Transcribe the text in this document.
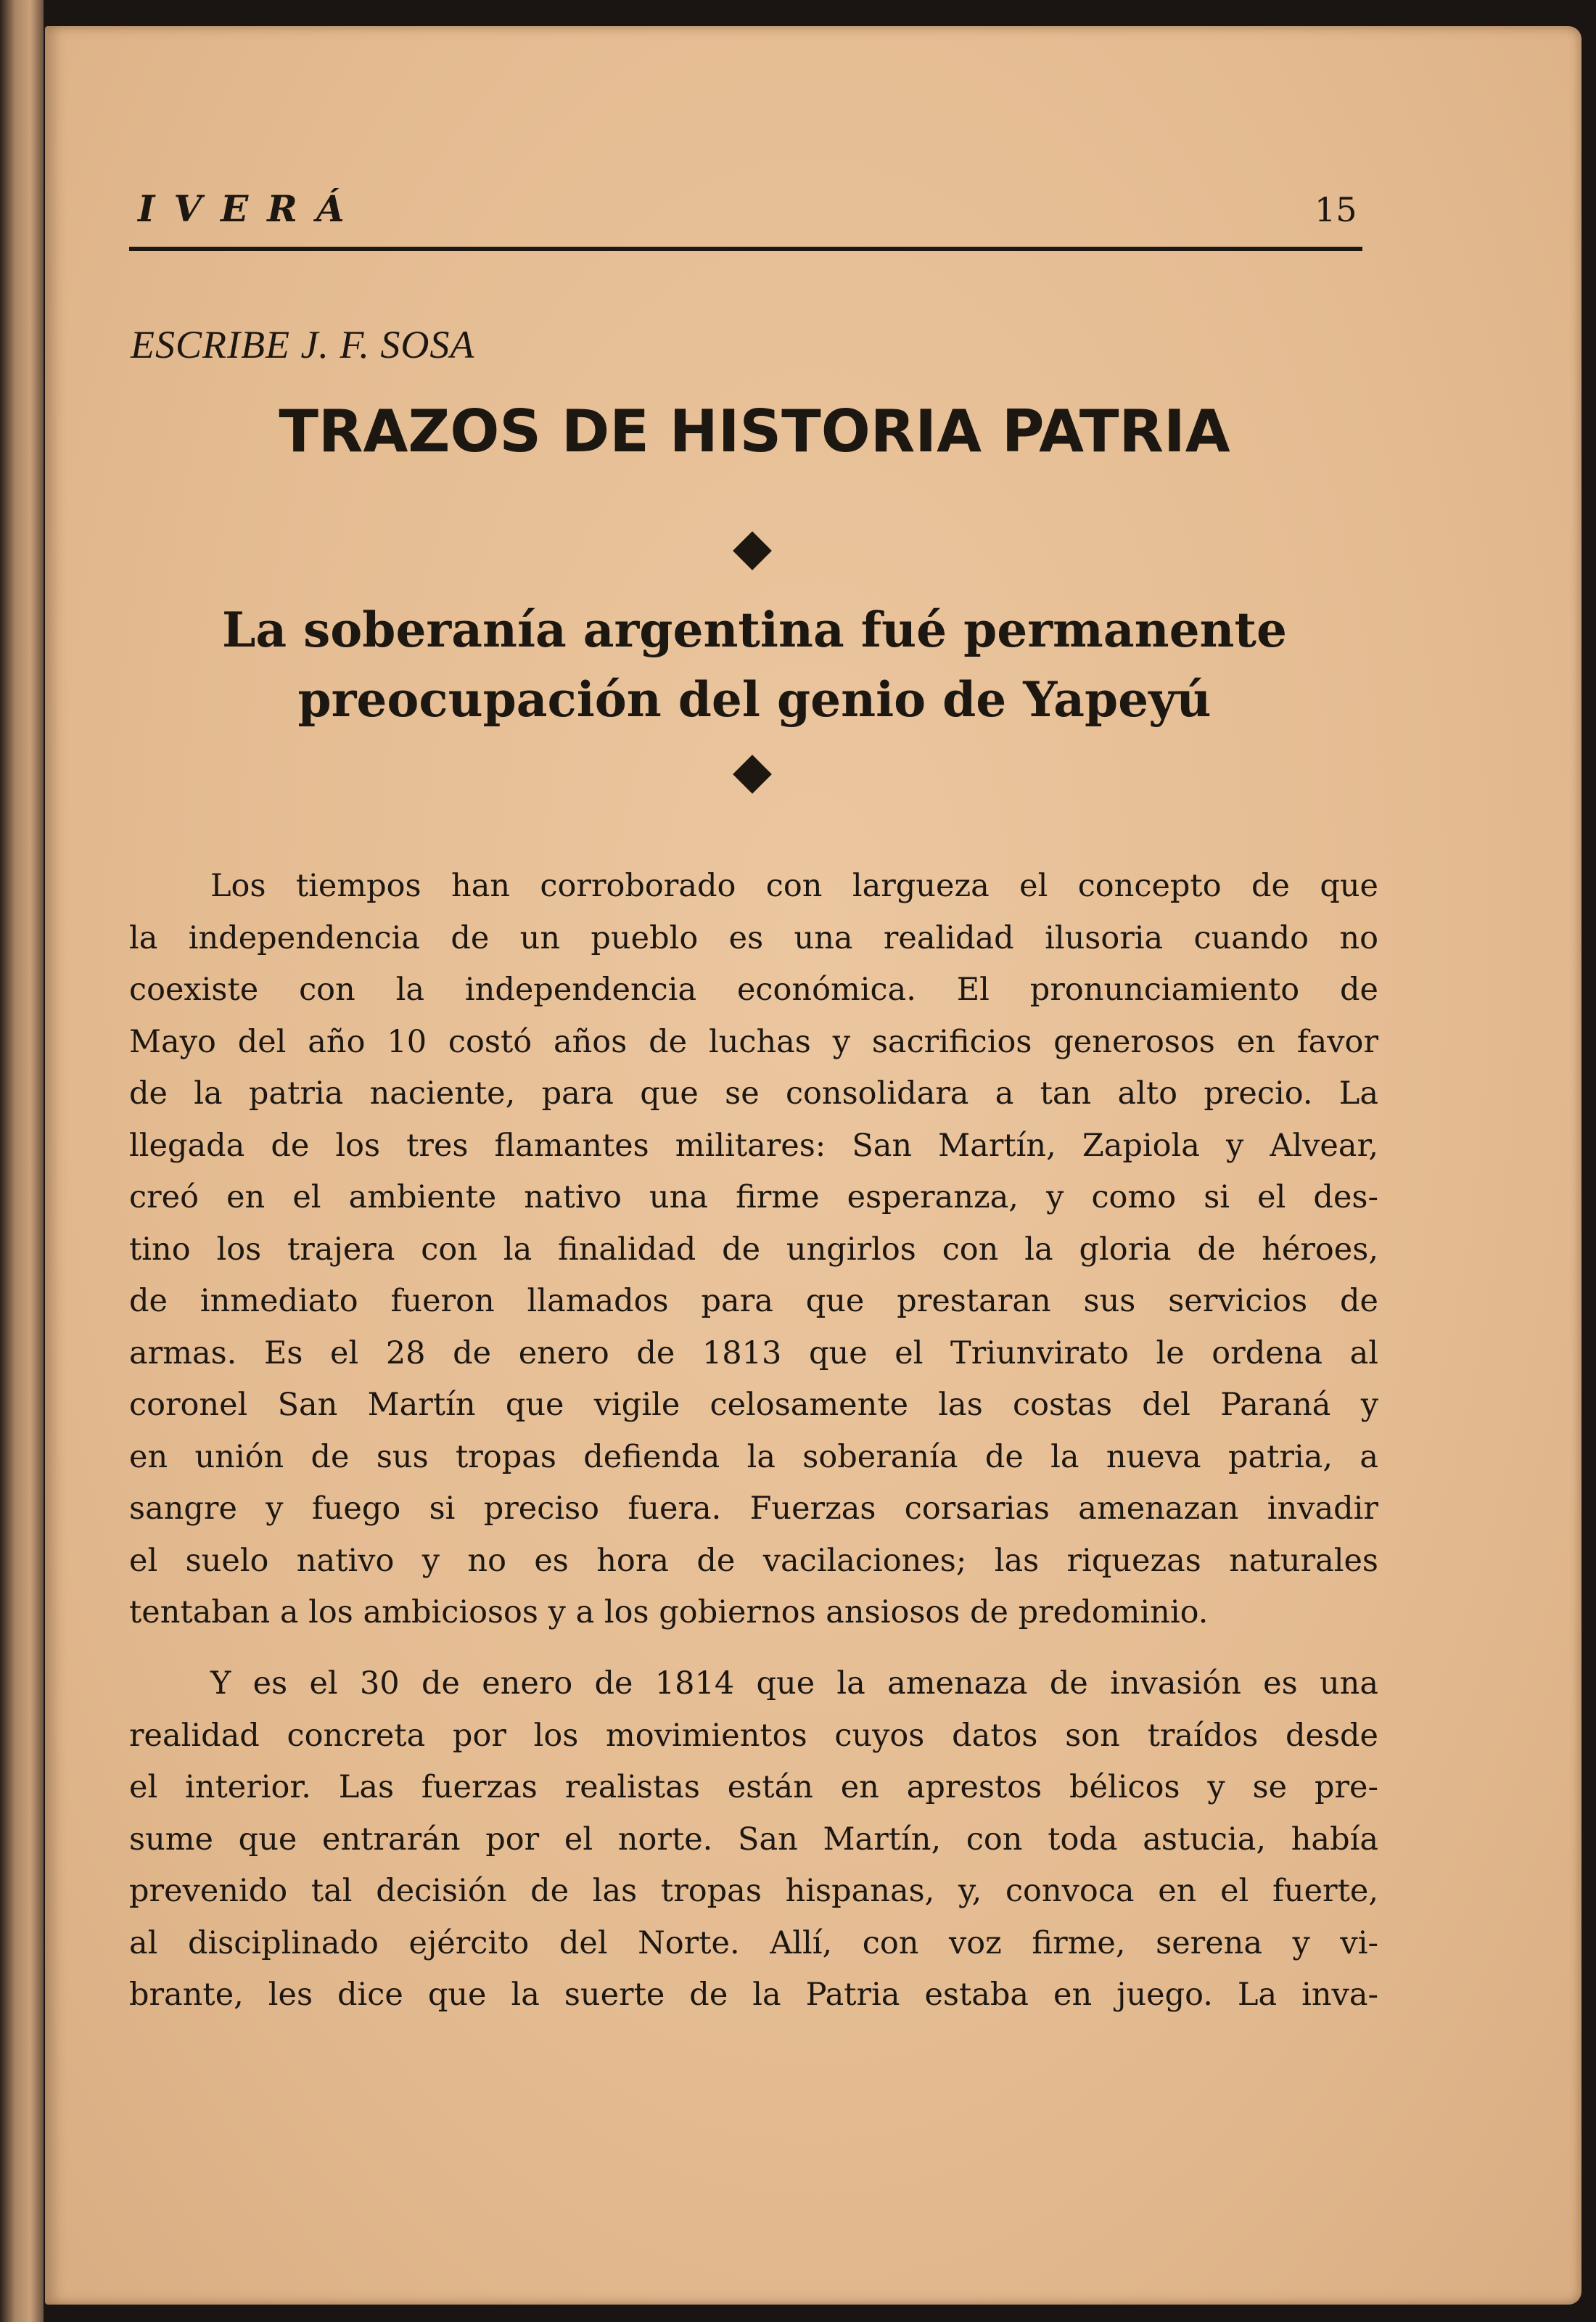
IVERÁ	15
ESCRIBE J. F. SOSA
TRAZOS DE HISTORIA PATRIA
La soberanía argentina fué permanente
preocupación del genio de Yapeyú
Los tiempos han corroborado con largueza el concepto de que
la independencia de un pueblo es una realidad ilusoria cuando no
coexiste con la independencia económica. El pronunciamiento de
Mayo del año 10 costó años de luchas y sacrificios generosos en favor
de la patria naciente, para que se consolidara a tan alto precio. La
llegada de los tres flamantes militares: San Martín, Zapiola y Alvear,
creó en el ambiente nativo una firme esperanza, y como si el des-
tino los trajera con la finalidad de ungirlos con la gloria de héroes,
de inmediato fueron llamados para que prestaran sus servicios de
armas. Es el 28 de enero de 1813 que el Triunvirato le ordena al
coronel San Martín que vigile celosamente las costas del Paraná y
en unión de sus tropas defienda la soberanía de la nueva patria, a
sangre y fuego si preciso fuera. Fuerzas corsarias amenazan invadir
el suelo nativo y no es hora de vacilaciones; las riquezas naturales
tentaban a los ambiciosos y a los gobiernos ansiosos de predominio.
Y es el 30 de enero de 1814 que la amenaza de invasión es una
realidad concreta por los movimientos cuyos datos son traídos desde
el interior. Las fuerzas realistas están en aprestos bélicos y se pre-
sume que entrarán por el norte. San Martín, con toda astucia, había
prevenido tal decisión de las tropas hispanas, y, convoca en el fuerte,
al disciplinado ejército del Norte. Allí, con voz firme, serena y vi-
brante, les dice que la suerte de la Patria estaba en juego. La inva-
